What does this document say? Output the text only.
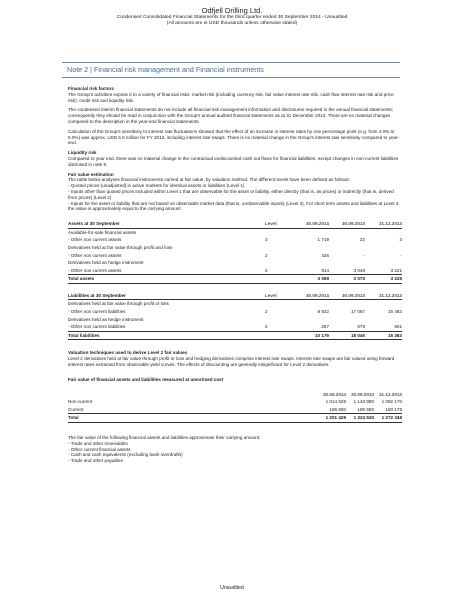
Odfjell Drilling Ltd.
Condensed Consolidated Financial Statements for the third quarter ended 30 September 2014 - Unaudited
(All amounts are in USD thousands unless otherwise stated)
Note 2 | Financial risk management and Financial instruments
Financial risk factors
The Group's activities expose it to a variety of financial risks: market risk (including currency risk, fair value interest rate risk, cash flow interest rate risk and price risk), credit risk and liquidity risk.
The condensed interim financial statements do not include all financial risk management information and disclosures required in the annual financial statements; consequently they should be read in conjunction with the Group's annual audited financial statements as at 31 December 2013. There are no material changes compared to the description in the year-end financial statements.
Calculation of the Group's sensitivity to interest rate fluctuations showed that the effect of an increase in interest rates by one percentage point (e.g. from 4.0% to 5.0%) was approx. USD 6.0 million for FY 2013, including interest rate swaps. There is no material change in the Group's interest rate sensitivity compared to year-end.
Liquidity risk
Compared to year end, there was no material change in the contractual undiscounted cash out flows for financial liabilities, except changes in non-current liabilities disclosed in note 9.
Fair value estimation
The table below analyses financial instruments carried at fair value, by valuation method. The different levels have been defined as follows:
- Quoted prices (unadjusted) in active markets for identical assets or liabilities (Level 1)
- Inputs other than quoted prices included within Level 1 that are observable for the asset or liability, either directly (that is, as prices) or indirectly (that is, derived from prices) (Level 2)
- Inputs for the asset or liability that are not based on observable market data (that is, unobservable inputs) (Level 3). For short term assets and liabilities at Level 3, the value is approximately equal to the carrying amount.
Assets at 30 September	Level	30.09.2014	30.09.2013	31.12.2013
Available-for-sale financial assets				
- Other non current assets	3	1 719	22	3
Derivatives held at fair value through profit and loss				
- Other non current assets	2	426	-	-
Derivatives held as hedge instrument				
- Other non current assets	2	914	3 048	3 221
Total assets		3 059	3 070	3 225
Liabilities at 30 September	Level	30.09.2014	30.09.2013	31.12.2013
Derivatives held at fair value through profit or loss				
- Other non current liabilities	2	9 922	17 067	15 483
Derivatives held as hedge instrument				
- Other non current liabilities	2	257	979	901
Total liabilities		10 179	18 046	16 383
Valuation techniques used to derive Level 2 fair values
Level 2 derivatives held at fair value through profit or loss and hedging derivatives comprise interest rate swaps. Interest rate swaps are fair valued using forward interest rates extracted from observable yield curves. The effects of discounting are generally insignificant for Level 2 derivatives.
Fair value of financial assets and liabilities measured at amortised cost
	30.09.2014	30.09.2013	31.12.2013
Non-current	1 014 629	1 143 880	1 092 170
Current	186 800	180 650	180 178
Total	1 201 429	1 324 530	1 272 348
The fair value of the following financial assets and liabilities approximate their carrying amount:
- Trade and other receivables
- Other current financial assets
- Cash and cash equivalents (excluding bank overdrafts)
- Trade and other payables
Unaudited
